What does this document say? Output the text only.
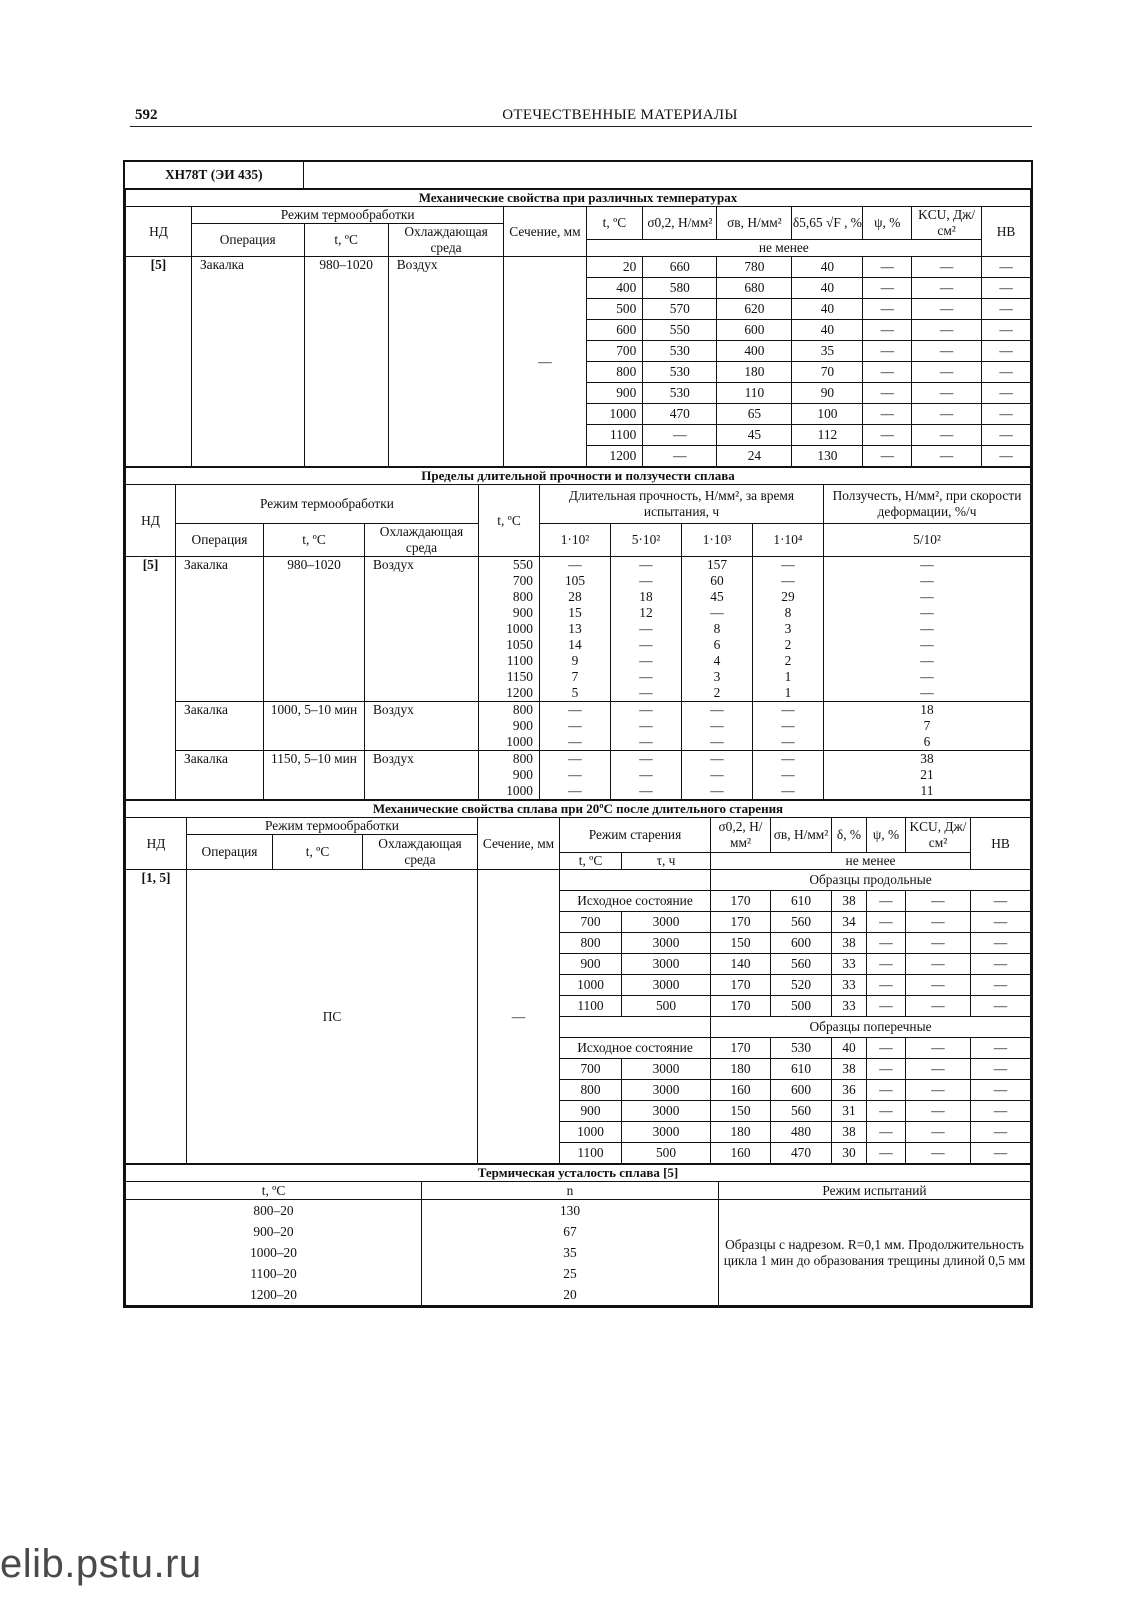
592	ОТЕЧЕСТВЕННЫЕ МАТЕРИАЛЫ
ХН78Т (ЭИ 435)	
Механические свойства при различных температурах											
НД	Режим термообработки			Сечение, мм	t, ºС	σ0,2, Н/мм²	σв, Н/мм²	δ5,65 √F , %	ψ, %	KCU, Дж/см²	НВ
	Операция	t, ºС	Охлаждающая среда								
					не менее						
[5]	Закалка	980–1020	Воздух	—	20	660	780	40	—	—	—
					400	580	680	40	—	—	—
					500	570	620	40	—	—	—
					600	550	600	40	—	—	—
					700	530	400	35	—	—	—
					800	530	180	70	—	—	—
					900	530	110	90	—	—	—
					1000	470	65	100	—	—	—
					1100	—	45	112	—	—	—
					1200	—	24	130	—	—	—
Пределы длительной прочности и ползучести сплава									
НД	Режим термообработки			t, ºС	Длительная прочность, Н/мм², за время испытания, ч				Ползучесть, Н/мм², при скорости деформации, %/ч
	Операция	t, ºС	Охлаждающая среда		1·10²	5·10²	1·10³	1·10⁴	5/10²
[5]	Закалка	980–1020	Воздух	550	—	—	157	—	—
				700	105	—	60	—	—
				800	28	18	45	29	—
				900	15	12	—	8	—
				1000	13	—	8	3	—
				1050	14	—	6	2	—
				1100	9	—	4	2	—
				1150	7	—	3	1	—
				1200	5	—	2	1	—
	Закалка	1000, 5–10 мин	Воздух	800	—	—	—	—	18
				900	—	—	—	—	7
				1000	—	—	—	—	6
	Закалка	1150, 5–10 мин	Воздух	800	—	—	—	—	38
				900	—	—	—	—	21
				1000	—	—	—	—	11
Механические свойства сплава при 20ºС после длительного старения												
НД	Режим термообработки			Сечение, мм	Режим старения		σ0,2, Н/мм²	σв, Н/мм²	δ, %	ψ, %	KCU, Дж/см²	НВ
	Операция	t, ºС	Охлаждающая среда									
					t, ºС	τ, ч	не менее					
[1, 5]	ПС			—			Образцы продольные					
					Исходное состояние		170	610	38	—	—	—
					700	3000	170	560	34	—	—	—
					800	3000	150	600	38	—	—	—
					900	3000	140	560	33	—	—	—
					1000	3000	170	520	33	—	—	—
					1100	500	170	500	33	—	—	—
							Образцы поперечные					
					Исходное состояние		170	530	40	—	—	—
					700	3000	180	610	38	—	—	—
					800	3000	160	600	36	—	—	—
					900	3000	150	560	31	—	—	—
					1000	3000	180	480	38	—	—	—
					1100	500	160	470	30	—	—	—
Термическая усталость сплава [5]		
t, ºС	n	Режим испытаний
800–20	130	Образцы с надрезом. R=0,1 мм. Продолжительность цикла 1 мин до образования трещины длиной 0,5 мм
900–20	67	
1000–20	35	
1100–20	25	
1200–20	20	
elib.pstu.ru
